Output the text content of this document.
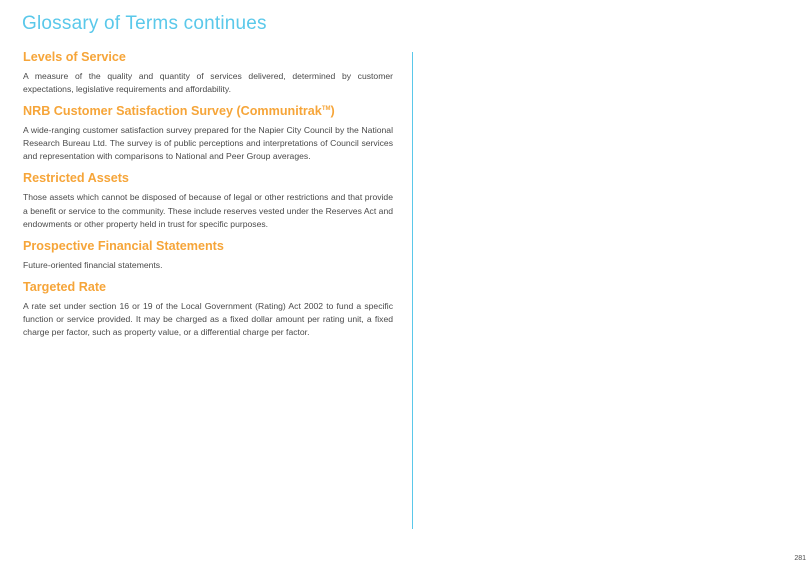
Glossary of Terms continues
Levels of Service

A measure of the quality and quantity of services delivered, determined by customer expectations, legislative requirements and affordability.

NRB Customer Satisfaction Survey (Communitrak™)

A wide-ranging customer satisfaction survey prepared for the Napier City Council by the National Research Bureau Ltd. The survey is of public perceptions and interpretations of Council services and representation with comparisons to National and Peer Group averages.

Restricted Assets

Those assets which cannot be disposed of because of legal or other restrictions and that provide a benefit or service to the community. These include reserves vested under the Reserves Act and endowments or other property held in trust for specific purposes.

Prospective Financial Statements

Future-oriented financial statements.

Targeted Rate

A rate set under section 16 or 19 of the Local Government (Rating) Act 2002 to fund a specific function or service provided. It may be charged as a fixed dollar amount per rating unit, a fixed charge per factor, such as property value, or a differential charge per factor.

281
